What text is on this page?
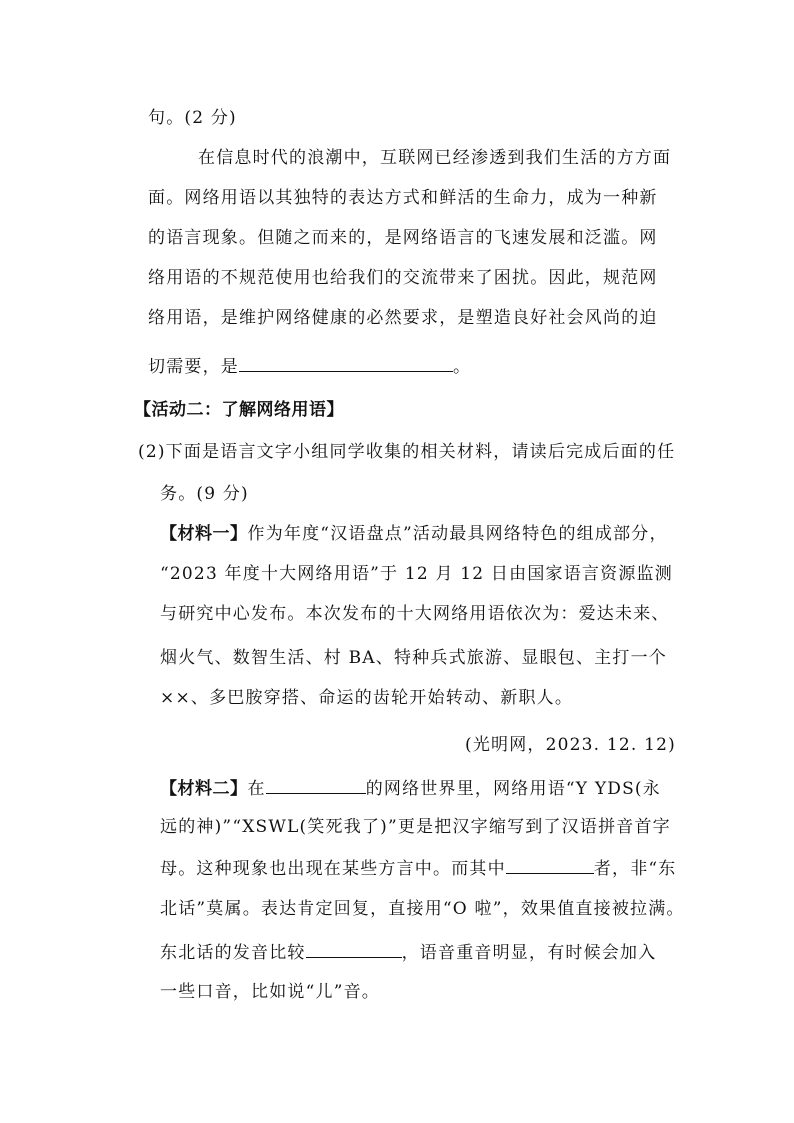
句。(2 分)
在信息时代的浪潮中，互联网已经渗透到我们生活的方方面
面。网络用语以其独特的表达方式和鲜活的生命力，成为一种新
的语言现象。但随之而来的，是网络语言的飞速发展和泛滥。网
络用语的不规范使用也给我们的交流带来了困扰。因此，规范网
络用语，是维护网络健康的必然要求，是塑造良好社会风尚的迫
切需要，是	。
【活动二：了解网络用语】
(2)下面是语言文字小组同学收集的相关材料，请读后完成后面的任
务。(9 分)
【材料一】作为年度“汉语盘点”活动最具网络特色的组成部分，
“2023 年度十大网络用语”于 12 月 12 日由国家语言资源监测
与研究中心发布。本次发布的十大网络用语依次为：爱达未来、
烟火气、数智生活、村 BA、特种兵式旅游、显眼包、主打一个
××、多巴胺穿搭、命运的齿轮开始转动、新职人。
(光明网，2023. 12. 12)
【材料二】在	的网络世界里，网络用语“Y YDS(永
远的神)”“XSWL(笑死我了)”更是把汉字缩写到了汉语拼音首字
母。这种现象也出现在某些方言中。而其中	者，非“东
北话”莫属。表达肯定回复，直接用“O 啦”，效果值直接被拉满。
东北话的发音比较	，语音重音明显，有时候会加入
一些口音，比如说“儿”音。
